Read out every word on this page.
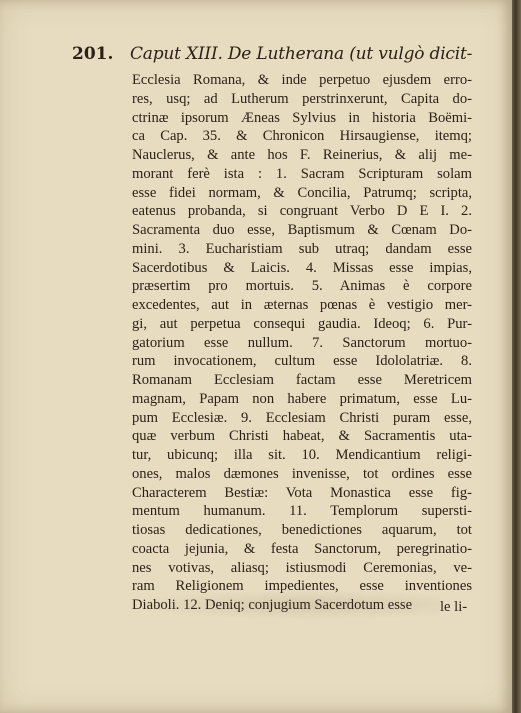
201. Caput XIII. De Lutherana (ut vulgò dicit-
Ecclesia Romana, & inde perpetuo ejusdem erro-
res, usq; ad Lutherum perstrinxerunt, Capita do-
ctrinæ ipsorum Æneas Sylvius in historia Boëmi-
ca Cap. 35. & Chronicon Hirsaugiense, itemq;
Nauclerus, & ante hos F. Reinerius, & alij me-
morant ferè ista : 1. Sacram Scripturam solam
esse fidei normam, & Concilia, Patrumq; scripta,
eatenus probanda, si congruant Verbo D E I. 2.
Sacramenta duo esse, Baptismum & Cœnam Do-
mini. 3. Eucharistiam sub utraq; dandam esse
Sacerdotibus & Laicis. 4. Missas esse impias,
præsertim pro mortuis. 5. Animas è corpore
excedentes, aut in æternas pœnas è vestigio mer-
gi, aut perpetua consequi gaudia. Ideoq; 6. Pur-
gatorium esse nullum. 7. Sanctorum mortuo-
rum invocationem, cultum esse Idololatriæ. 8.
Romanam Ecclesiam factam esse Meretricem
magnam, Papam non habere primatum, esse Lu-
pum Ecclesiæ. 9. Ecclesiam Christi puram esse,
quæ verbum Christi habeat, & Sacramentis uta-
tur, ubicunq; illa sit. 10. Mendicantium religi-
ones, malos dæmones invenisse, tot ordines esse
Characterem Bestiæ: Vota Monastica esse fig-
mentum humanum. 11. Templorum supersti-
tiosas dedicationes, benedictiones aquarum, tot
coacta jejunia, & festa Sanctorum, peregrinatio-
nes votivas, aliasq; istiusmodi Ceremonias, ve-
ram Religionem impedientes, esse inventiones
Diaboli. 12. Deniq; conjugium Sacerdotum esse	le li-
